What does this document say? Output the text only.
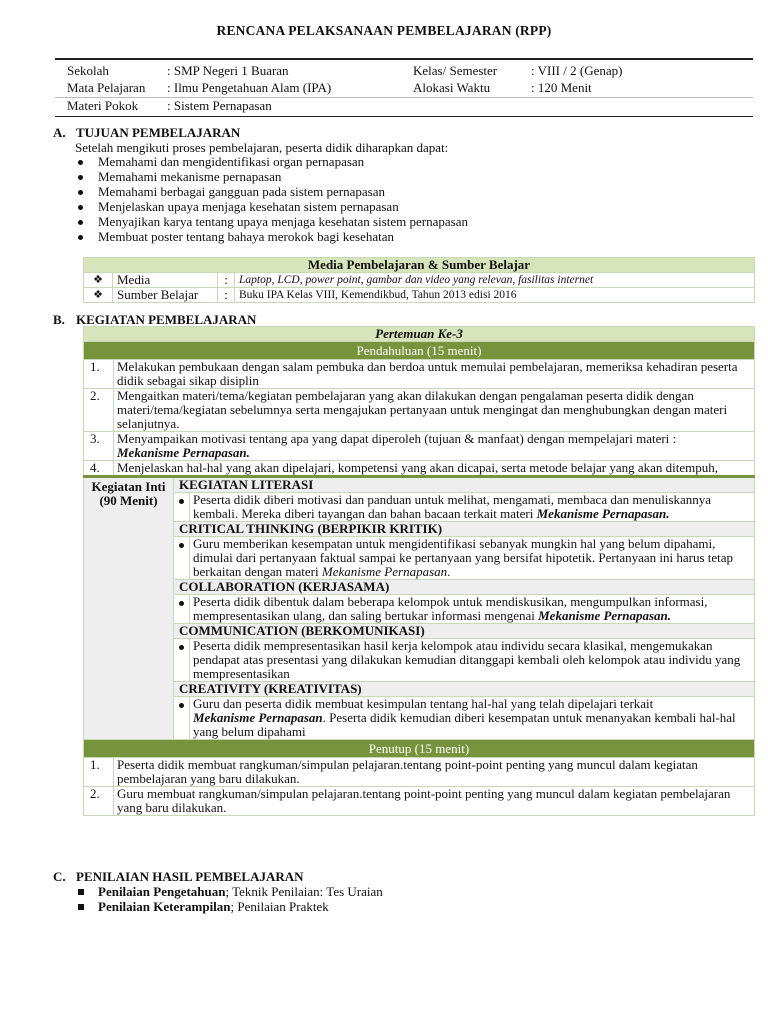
RENCANA PELAKSANAAN PEMBELAJARAN (RPP)
Sekolah	: SMP Negeri 1 Buaran	Kelas/ Semester	: VIII / 2 (Genap)
Mata Pelajaran : Ilmu Pengetahuan Alam (IPA)	Alokasi Waktu	: 120 Menit
Materi Pokok : Sistem Pernapasan
A. TUJUAN PEMBELAJARAN
Setelah mengikuti proses pembelajaran, peserta didik diharapkan dapat:
Memahami dan mengidentifikasi organ pernapasan
Memahami mekanisme pernapasan
Memahami berbagai gangguan pada sistem pernapasan
Menjelaskan upaya menjaga kesehatan sistem pernapasan
Menyajikan karya tentang upaya menjaga kesehatan sistem pernapasan
Membuat poster tentang bahaya merokok bagi kesehatan
Media Pembelajaran & Sumber Belajar			
❖	Media	:	Laptop, LCD, power point, gambar dan video yang relevan, fasilitas internet
❖	Sumber Belajar	:	Buku IPA Kelas VIII, Kemendikbud, Tahun 2013 edisi 2016
B. KEGIATAN PEMBELAJARAN
Pertemuan Ke-3			
Pendahuluan (15 menit)			
1.	Melakukan pembukaan dengan salam pembuka dan berdoa untuk memulai pembelajaran, memeriksa kehadiran peserta didik sebagai sikap disiplin		
2.	Mengaitkan materi/tema/kegiatan pembelajaran yang akan dilakukan dengan pengalaman peserta didik dengan materi/tema/kegiatan sebelumnya serta mengajukan pertanyaan untuk mengingat dan menghubungkan dengan materi selanjutnya.		
3.	Menyampaikan motivasi tentang apa yang dapat diperoleh (tujuan & manfaat) dengan mempelajari materi :
Mekanisme Pernapasan.		
4.	Menjelaskan hal-hal yang akan dipelajari, kompetensi yang akan dicapai, serta metode belajar yang akan ditempuh,		
Kegiatan Inti
(90 Menit)		KEGIATAN LITERASI	
			Peserta didik diberi motivasi dan panduan untuk melihat, mengamati, membaca dan menuliskannya kembali. Mereka diberi tayangan dan bahan bacaan terkait materi Mekanisme Pernapasan.
		CRITICAL THINKING (BERPIKIR KRITIK)	
			Guru memberikan kesempatan untuk mengidentifikasi sebanyak mungkin hal yang belum dipahami, dimulai dari pertanyaan faktual sampai ke pertanyaan yang bersifat hipotetik. Pertanyaan ini harus tetap berkaitan dengan materi Mekanisme Pernapasan.
		COLLABORATION (KERJASAMA)	
			Peserta didik dibentuk dalam beberapa kelompok untuk mendiskusikan, mengumpulkan informasi, mempresentasikan ulang, dan saling bertukar informasi mengenai Mekanisme Pernapasan.
		COMMUNICATION (BERKOMUNIKASI)	
			Peserta didik mempresentasikan hasil kerja kelompok atau individu secara klasikal, mengemukakan pendapat atas presentasi yang dilakukan kemudian ditanggapi kembali oleh kelompok atau individu yang mempresentasikan
		CREATIVITY (KREATIVITAS)	
			Guru dan peserta didik membuat kesimpulan tentang hal-hal yang telah dipelajari terkait
Mekanisme Pernapasan. Peserta didik kemudian diberi kesempatan untuk menanyakan kembali hal-hal yang belum dipahami
Penutup (15 menit)			
1.	Peserta didik membuat rangkuman/simpulan pelajaran.tentang point-point penting yang muncul dalam kegiatan pembelajaran yang baru dilakukan.		
2.	Guru membuat rangkuman/simpulan pelajaran.tentang point-point penting yang muncul dalam kegiatan pembelajaran yang baru dilakukan.		
C. PENILAIAN HASIL PEMBELAJARAN
Penilaian Pengetahuan; Teknik Penilaian: Tes Uraian
Penilaian Keterampilan; Penilaian Praktek
